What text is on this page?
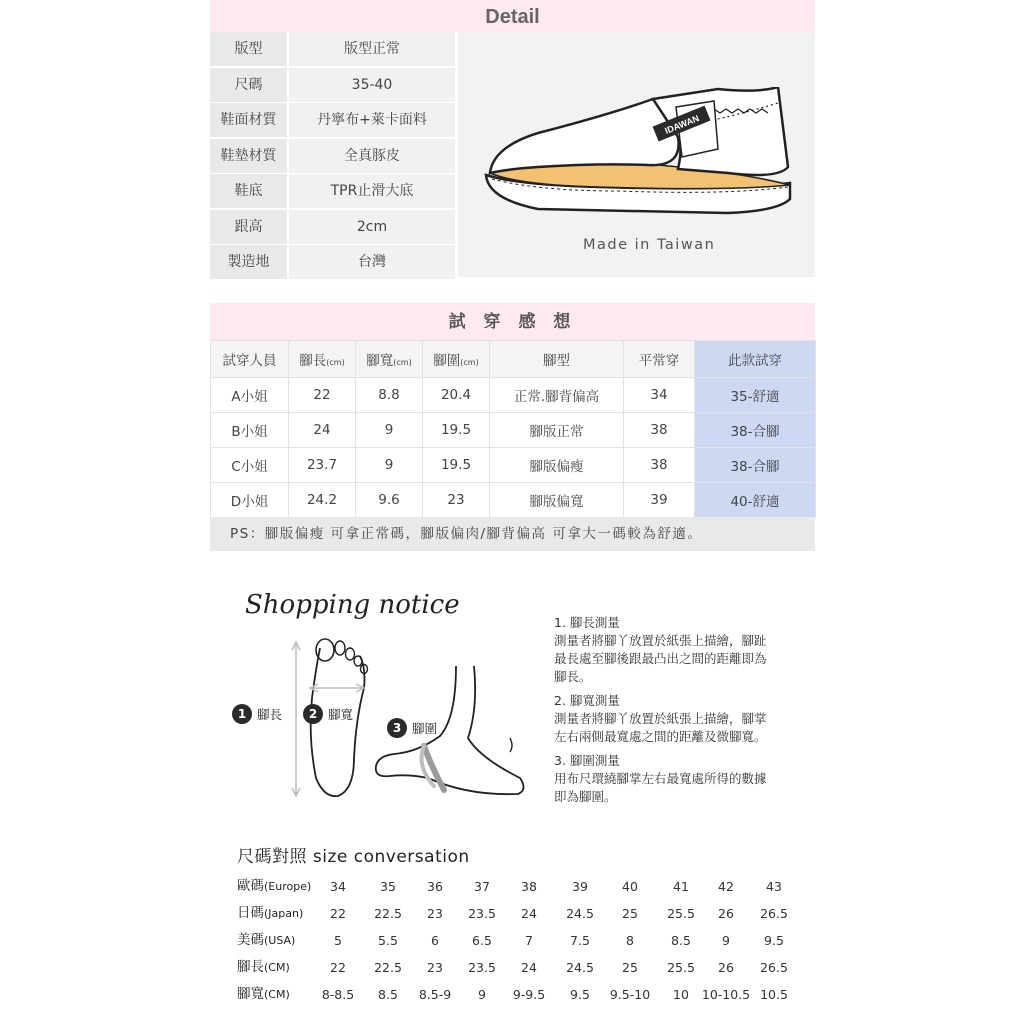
Detail
版型	版型正常
尺碼	35-40
鞋面材質	丹寧布+萊卡面料
鞋墊材質	全真豚皮
鞋底	TPR止滑大底
跟高	2cm
製造地	台灣
IDAWAN
Made in Taiwan
試 穿 感 想
試穿人員	腳長(cm)	腳寬(cm)	腳圍(cm)	腳型	平常穿	此款試穿
A小姐	22	8.8	20.4	正常.腳背偏高	34	35-舒適
B小姐	24	9	19.5	腳版正常	38	38-合腳
C小姐	23.7	9	19.5	腳版偏瘦	38	38-合腳
D小姐	24.2	9.6	23	腳版偏寬	39	40-舒適
PS：腳版偏瘦 可拿正常碼，腳版偏肉/腳背偏高 可拿大一碼較為舒適。
Shopping notice
1 腳長	2 腳寬
3 腳圍
1. 腳長測量
測量者將腳丫放置於紙張上描繪，腳趾
最長處至腳後跟最凸出之間的距離即為
腳長。
2. 腳寬測量
測量者將腳丫放置於紙張上描繪，腳掌
左右兩側最寬處之間的距離及微腳寬。
3. 腳圍測量
用布尺環繞腳掌左右最寬處所得的數據
即為腳圍。
尺碼對照 size conversation
歐碼(Europe) 34	35 36 37 38	39	40	41 42	43
日碼(Japan) 22 22.5 23 23.5 24 24.5 25 25.5 26 26.5
美碼(USA)	5	5.5	6	6.5	7	7.5	8	8.5 9	9.5
腳長(CM)	22 22.5 23 23.5 24 24.5 25 25.5 26 26.5
腳寬(CM)	8-8.5 8.5 8.5-9 9 9-9.5 9.5 9.5-10 10 10-10.5 10.5
